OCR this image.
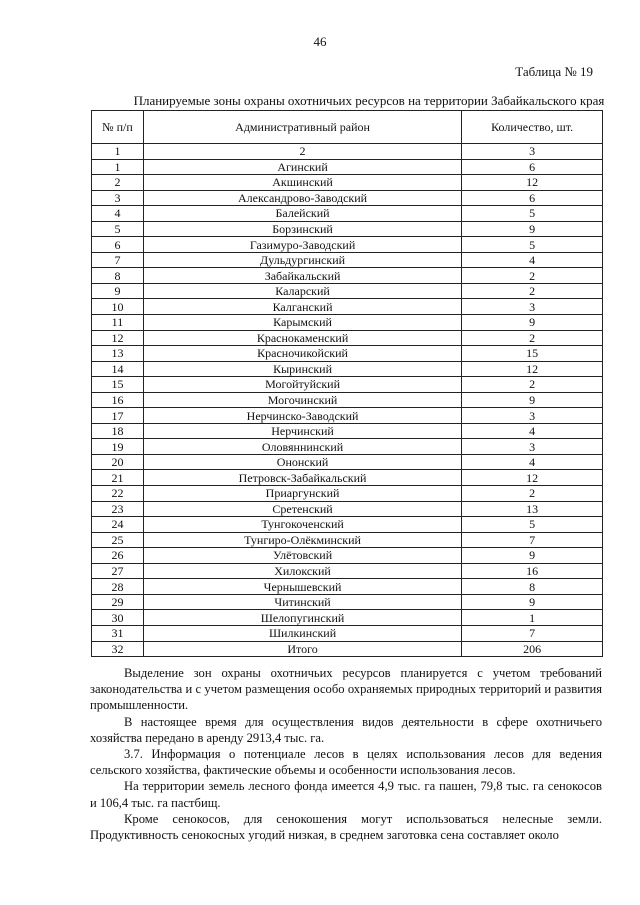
46
Таблица № 19
Планируемые зоны охраны охотничьих ресурсов на территории Забайкальского края
№ п/п	Административный район	Количество, шт.
1	2	3
1	Агинский	6
2	Акшинский	12
3	Александрово-Заводский	6
4	Балейский	5
5	Борзинский	9
6	Газимуро-Заводский	5
7	Дульдургинский	4
8	Забайкальский	2
9	Каларский	2
10	Калганский	3
11	Карымский	9
12	Краснокаменский	2
13	Красночикойский	15
14	Кыринский	12
15	Могойтуйский	2
16	Могочинский	9
17	Нерчинско-Заводский	3
18	Нерчинский	4
19	Оловяннинский	3
20	Ононский	4
21	Петровск-Забайкальский	12
22	Приаргунский	2
23	Сретенский	13
24	Тунгокоченский	5
25	Тунгиро-Олёкминский	7
26	Улётовский	9
27	Хилокский	16
28	Чернышевский	8
29	Читинский	9
30	Шелопугинский	1
31	Шилкинский	7
32	Итого	206

Выделение зон охраны охотничьих ресурсов планируется с учетом требований законодательства и с учетом размещения особо охраняемых природных территорий и развития промышленности.

В настоящее время для осуществления видов деятельности в сфере охотничьего хозяйства передано в аренду 2913,4 тыс. га.

3.7. Информация о потенциале лесов в целях использования лесов для ведения сельского хозяйства, фактические объемы и особенности использования лесов.

На территории земель лесного фонда имеется 4,9 тыс. га пашен, 79,8 тыс. га сенокосов и 106,4 тыс. га пастбищ.

Кроме сенокосов, для сенокошения могут использоваться нелесные земли. Продуктивность сенокосных угодий низкая, в среднем заготовка сена составляет около
